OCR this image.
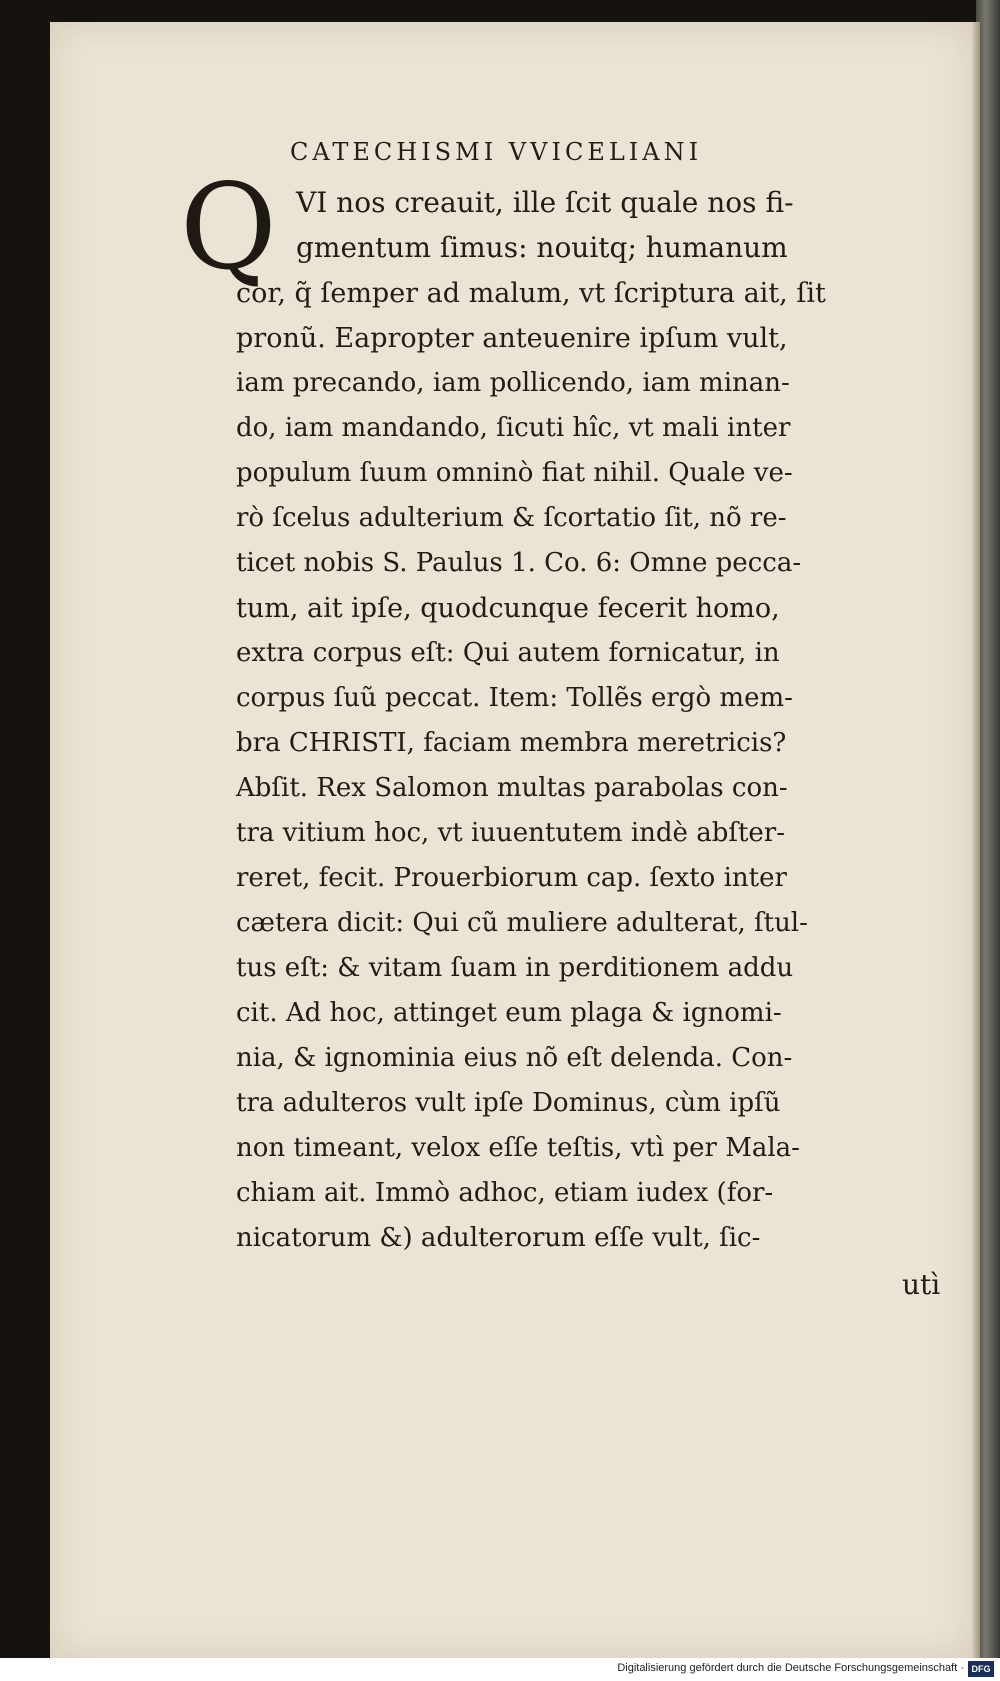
CATECHISMI VVICELIANI
Q VI nos creauit, ille ſcit quale nos fi-
gmentum ſimus: nouitq; humanum
cor, q̃ ſemper ad malum, vt ſcriptura ait, ſit
pronũ. Eapropter anteuenire ipſum vult,
iam precando, iam pollicendo, iam minan-
do, iam mandando, ſicuti hîc, vt mali inter
populum ſuum omninò fiat nihil. Quale ve-
rò ſcelus adulterium & ſcortatio ſit, nõ re-
ticet nobis S. Paulus 1. Co. 6: Omne pecca-
tum, ait ipſe, quodcunque fecerit homo,
extra corpus eſt: Qui autem fornicatur, in
corpus ſuũ peccat. Item: Tollẽs ergò mem-
bra CHRISTI, faciam membra meretricis?
Abſit. Rex Salomon multas parabolas con-
tra vitium hoc, vt iuuentutem indè abſter-
reret, fecit. Prouerbiorum cap. ſexto inter
cætera dicit: Qui cũ muliere adulterat, ſtul-
tus eſt: & vitam ſuam in perditionem addu
cit. Ad hoc, attinget eum plaga & ignomi-
nia, & ignominia eius nõ eſt delenda. Con-
tra adulteros vult ipſe Dominus, cùm ipſũ
non timeant, velox eſſe teſtis, vtì per Mala-
chiam ait. Immò adhoc, etiam iudex (for-
nicatorum &) adulterorum eſſe vult, ſic-
utì
Digitalisierung gefördert durch die Deutsche Forschungsgemeinschaft · DFG
